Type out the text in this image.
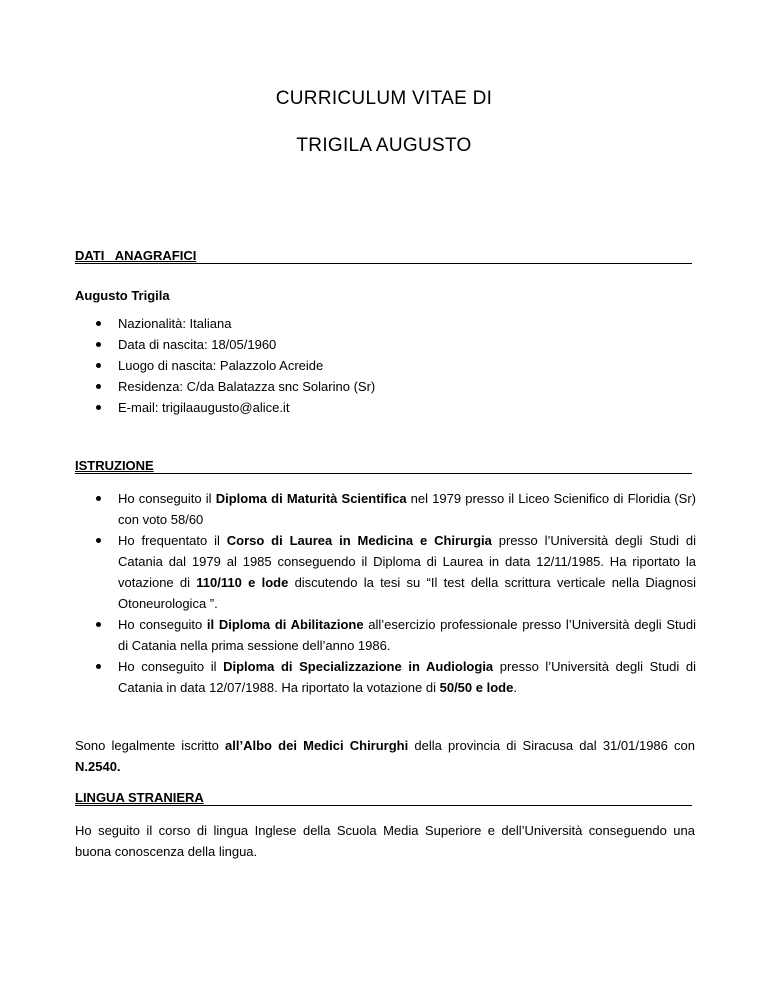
CURRICULUM VITAE DI
TRIGILA AUGUSTO
DATI   ANAGRAFICI
Augusto Trigila
Nazionalità: Italiana
Data di nascita: 18/05/1960
Luogo di nascita: Palazzolo Acreide
Residenza: C/da Balatazza snc Solarino (Sr)
E-mail: trigilaaugusto@alice.it
ISTRUZIONE

Ho conseguito il Diploma di Maturità Scientifica nel 1979 presso il Liceo Scienifico di Floridia (Sr) con voto 58/60

Ho frequentato il Corso di Laurea in Medicina e Chirurgia presso l’Università degli Studi di Catania dal 1979 al 1985 conseguendo il Diploma di Laurea in data 12/11/1985. Ha riportato la votazione di 110/110 e lode discutendo la tesi su “Il test della scrittura verticale nella Diagnosi Otoneurologica ”.

Ho conseguito il Diploma di Abilitazione all’esercizio professionale presso l’Università degli Studi di Catania nella prima sessione dell’anno 1986.

Ho conseguito il Diploma di Specializzazione in Audiologia presso l’Università degli Studi di Catania in data 12/07/1988. Ha riportato la votazione di 50/50 e lode.

Sono legalmente iscritto all’Albo dei Medici Chirurghi della provincia di Siracusa dal 31/01/1986 con N.2540.
LINGUA STRANIERA
Ho seguito il corso di lingua Inglese della Scuola Media Superiore e dell’Università conseguendo una buona conoscenza della lingua.
